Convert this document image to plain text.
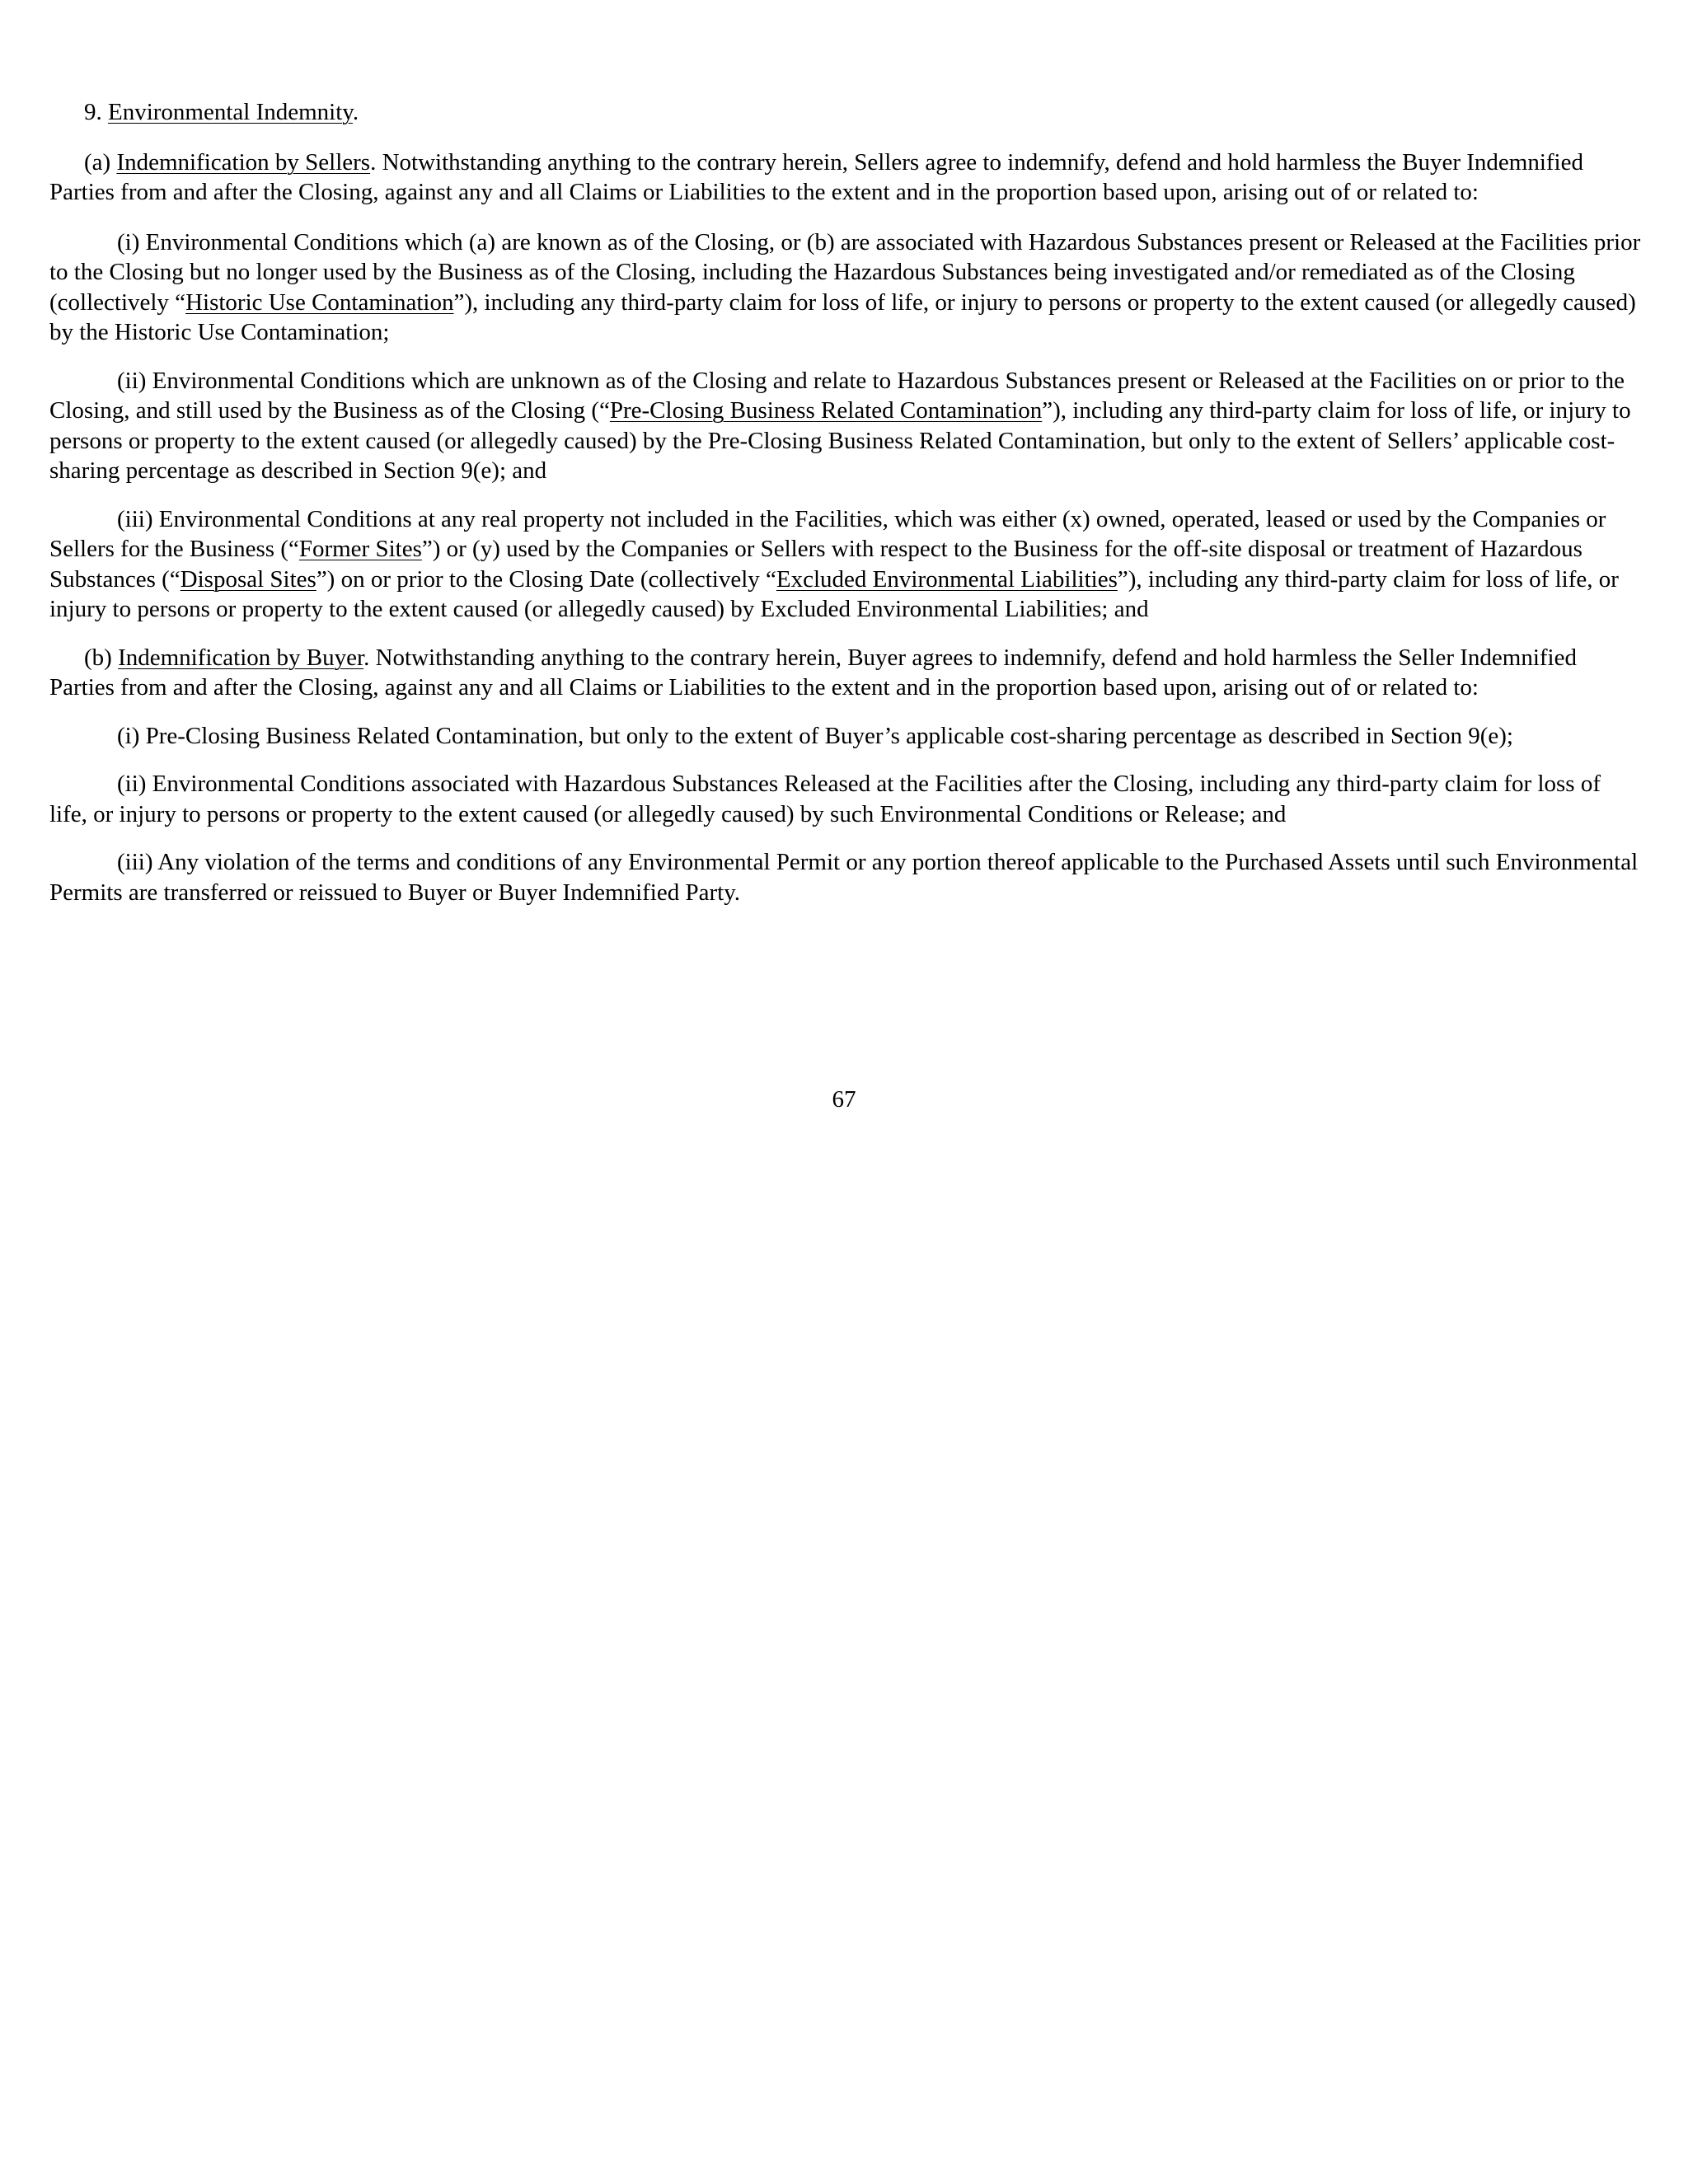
9. Environmental Indemnity.

(a) Indemnification by Sellers. Notwithstanding anything to the contrary herein, Sellers agree to indemnify, defend and hold harmless the Buyer Indemnified Parties from and after the Closing, against any and all Claims or Liabilities to the extent and in the proportion based upon, arising out of or related to:

(i) Environmental Conditions which (a) are known as of the Closing, or (b) are associated with Hazardous Substances present or Released at the Facilities prior to the Closing but no longer used by the Business as of the Closing, including the Hazardous Substances being investigated and/or remediated as of the Closing (collectively “Historic Use Contamination”), including any third-party claim for loss of life, or injury to persons or property to the extent caused (or allegedly caused) by the Historic Use Contamination;

(ii) Environmental Conditions which are unknown as of the Closing and relate to Hazardous Substances present or Released at the Facilities on or prior to the Closing, and still used by the Business as of the Closing (“Pre-Closing Business Related Contamination”), including any third-party claim for loss of life, or injury to persons or property to the extent caused (or allegedly caused) by the Pre-Closing Business Related Contamination, but only to the extent of Sellers’ applicable cost-sharing percentage as described in Section 9(e); and

(iii) Environmental Conditions at any real property not included in the Facilities, which was either (x) owned, operated, leased or used by the Companies or Sellers for the Business (“Former Sites”) or (y) used by the Companies or Sellers with respect to the Business for the off-site disposal or treatment of Hazardous Substances (“Disposal Sites”) on or prior to the Closing Date (collectively “Excluded Environmental Liabilities”), including any third-party claim for loss of life, or injury to persons or property to the extent caused (or allegedly caused) by Excluded Environmental Liabilities; and

(b) Indemnification by Buyer. Notwithstanding anything to the contrary herein, Buyer agrees to indemnify, defend and hold harmless the Seller Indemnified Parties from and after the Closing, against any and all Claims or Liabilities to the extent and in the proportion based upon, arising out of or related to:

(i) Pre-Closing Business Related Contamination, but only to the extent of Buyer’s applicable cost-sharing percentage as described in Section 9(e);

(ii) Environmental Conditions associated with Hazardous Substances Released at the Facilities after the Closing, including any third-party claim for loss of life, or injury to persons or property to the extent caused (or allegedly caused) by such Environmental Conditions or Release; and

(iii) Any violation of the terms and conditions of any Environmental Permit or any portion thereof applicable to the Purchased Assets until such Environmental Permits are transferred or reissued to Buyer or Buyer Indemnified Party.

67
